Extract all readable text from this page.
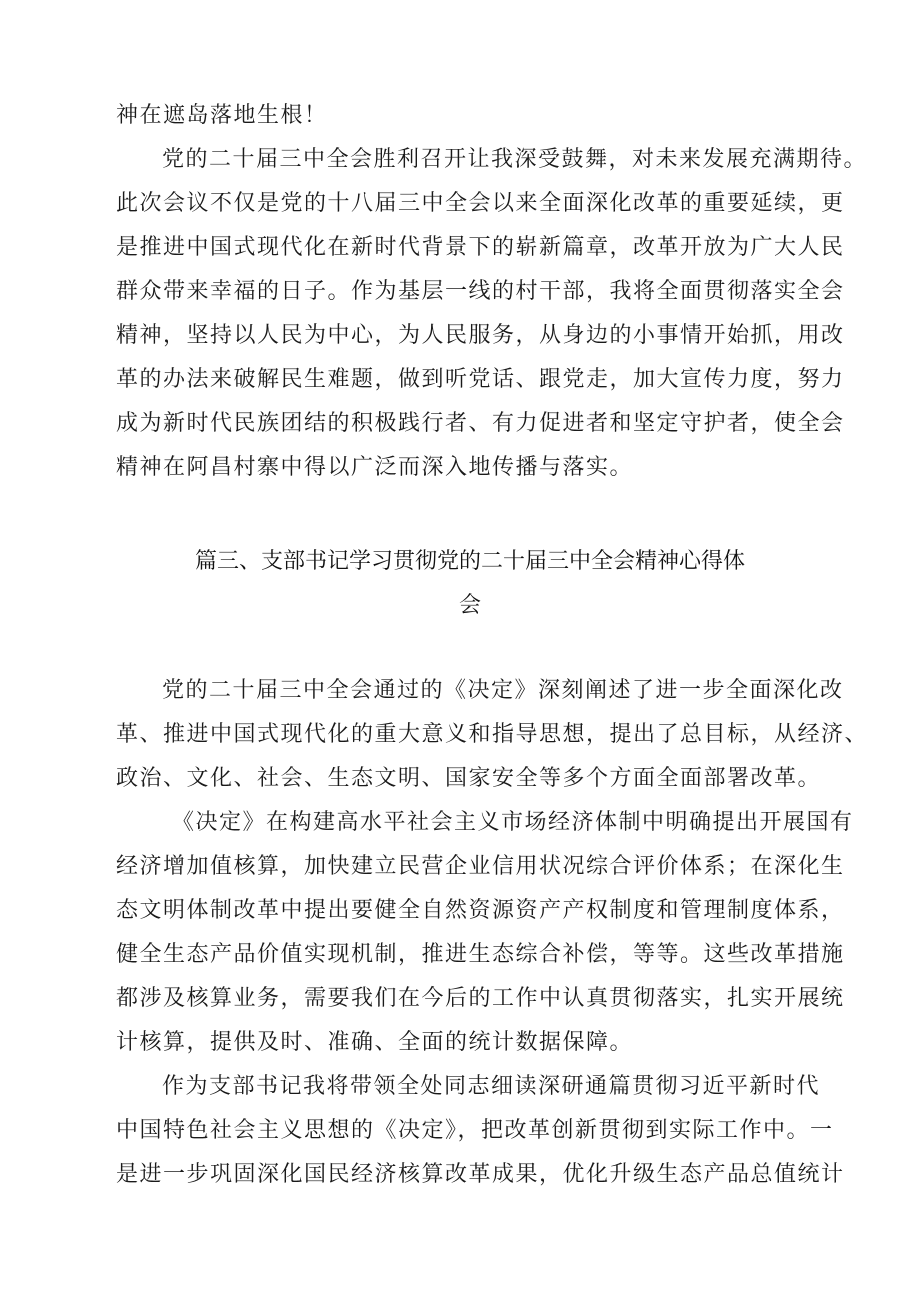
神在遮岛落地生根！
党的二十届三中全会胜利召开让我深受鼓舞，对未来发展充满期待。
此次会议不仅是党的十八届三中全会以来全面深化改革的重要延续，更
是推进中国式现代化在新时代背景下的崭新篇章，改革开放为广大人民
群众带来幸福的日子。作为基层一线的村干部，我将全面贯彻落实全会
精神，坚持以人民为中心，为人民服务，从身边的小事情开始抓，用改
革的办法来破解民生难题，做到听党话、跟党走，加大宣传力度，努力
成为新时代民族团结的积极践行者、有力促进者和坚定守护者，使全会
精神在阿昌村寨中得以广泛而深入地传播与落实。
篇三、支部书记学习贯彻党的二十届三中全会精神心得体
会
党的二十届三中全会通过的《决定》深刻阐述了进一步全面深化改
革、推进中国式现代化的重大意义和指导思想，提出了总目标，从经济、
政治、文化、社会、生态文明、国家安全等多个方面全面部署改革。
《决定》在构建高水平社会主义市场经济体制中明确提出开展国有
经济增加值核算，加快建立民营企业信用状况综合评价体系；在深化生
态文明体制改革中提出要健全自然资源资产产权制度和管理制度体系，
健全生态产品价值实现机制，推进生态综合补偿，等等。这些改革措施
都涉及核算业务，需要我们在今后的工作中认真贯彻落实，扎实开展统
计核算，提供及时、准确、全面的统计数据保障。
作为支部书记我将带领全处同志细读深研通篇贯彻习近平新时代
中国特色社会主义思想的《决定》，把改革创新贯彻到实际工作中。一
是进一步巩固深化国民经济核算改革成果，优化升级生态产品总值统计
